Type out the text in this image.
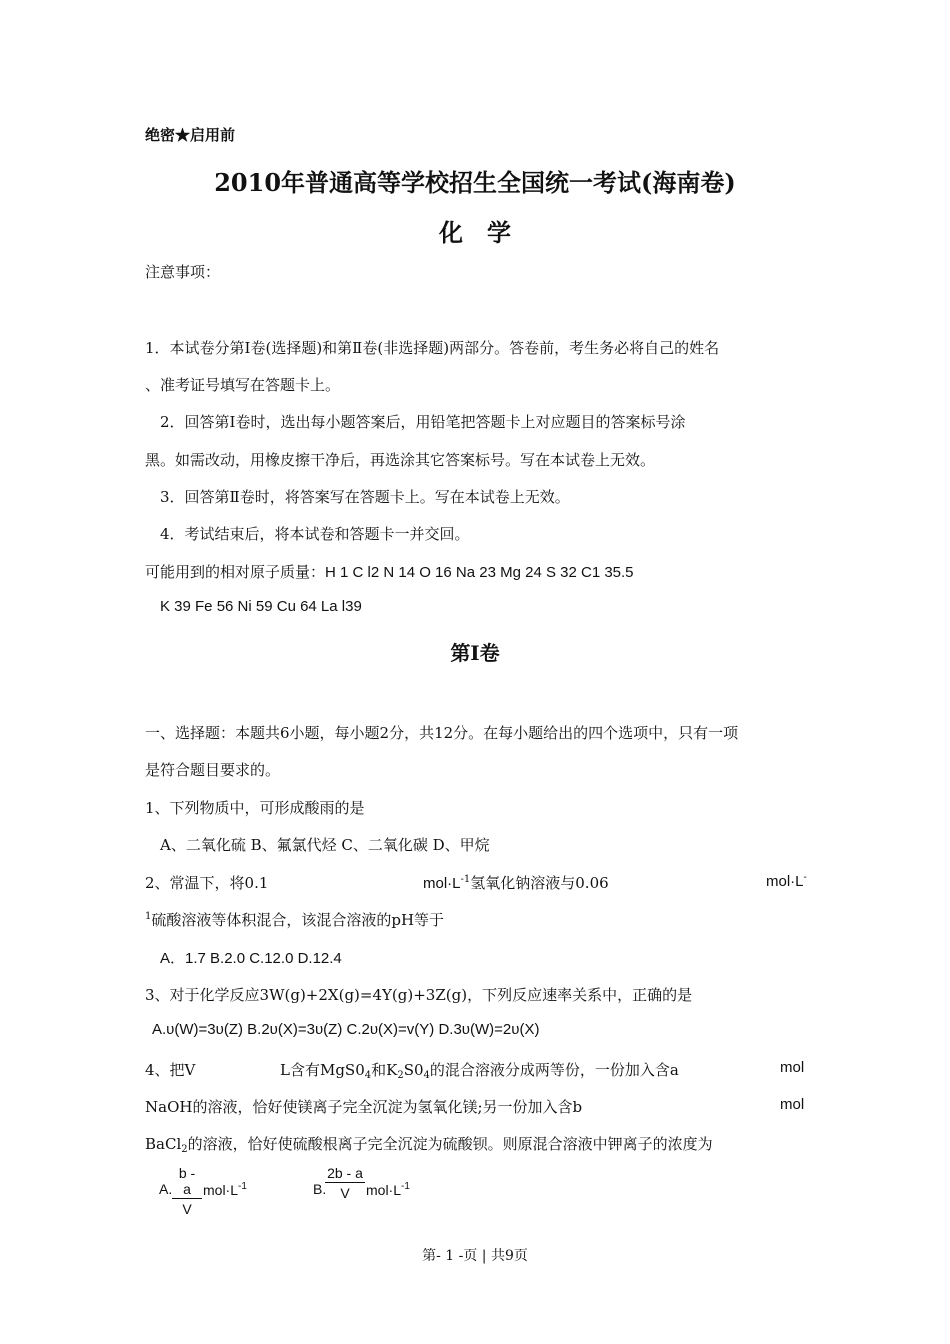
绝密★启用前
2010年普通高等学校招生全国统一考试(海南卷)
化　学
注意事项：
1．本试卷分第Ⅰ卷(选择题)和第Ⅱ卷(非选择题)两部分。答卷前，考生务必将自己的姓名
、准考证号填写在答题卡上。
2．回答第Ⅰ卷时，选出每小题答案后，用铅笔把答题卡上对应题目的答案标号涂
黑。如需改动，用橡皮擦干净后，再选涂其它答案标号。写在本试卷上无效。
3．回答第Ⅱ卷时，将答案写在答题卡上。写在本试卷上无效。
4．考试结束后，将本试卷和答题卡一并交回。
可能用到的相对原子质量：H 1 C l2 N 14 O 16 Na 23 Mg 24 S 32 C1 35.5
K 39 Fe 56 Ni 59 Cu 64 La l39
第Ⅰ卷
一、选择题：本题共6小题，每小题2分，共12分。在每小题给出的四个选项中，只有一项
是符合题目要求的。
1、下列物质中，可形成酸雨的是
A、二氧化硫 B、氟氯代烃 C、二氧化碳 D、甲烷
2、常温下，将0.1	$mol\cdot L^{-1}$氢氧化钠溶液与0.06	mol·L-
$^1$硫酸溶液等体积混合，该混合溶液的pH等于
A．1.7 B.2.0 C.12.0 D.12.4
3、对于化学反应3W(g)+2X(g)=4Y(g)+3Z(g)，下列反应速率关系中，正确的是
A.υ(W)=3υ(Z) B.2υ(X)=3υ(Z) C.2υ(X)=v(Y) D.3υ(W)=2υ(X)
4、把V	L含有$MgS0_4$和$K_2S0_4$的混合溶液分成两等份，一份加入含a	mol
NaOH的溶液，恰好使镁离子完全沉淀为氢氧化镁;另一份加入含b	mol
BaCl$_2$的溶液，恰好使硫酸根离子完全沉淀为硫酸钡。则原混合溶液中钾离子的浓度为
A. $\frac{b - a}{V} mol\cdot L^{-1}$	B.
$\frac{2b - a}{V} mol\cdot L^{-1}$
第- 1 -页 | 共9页
